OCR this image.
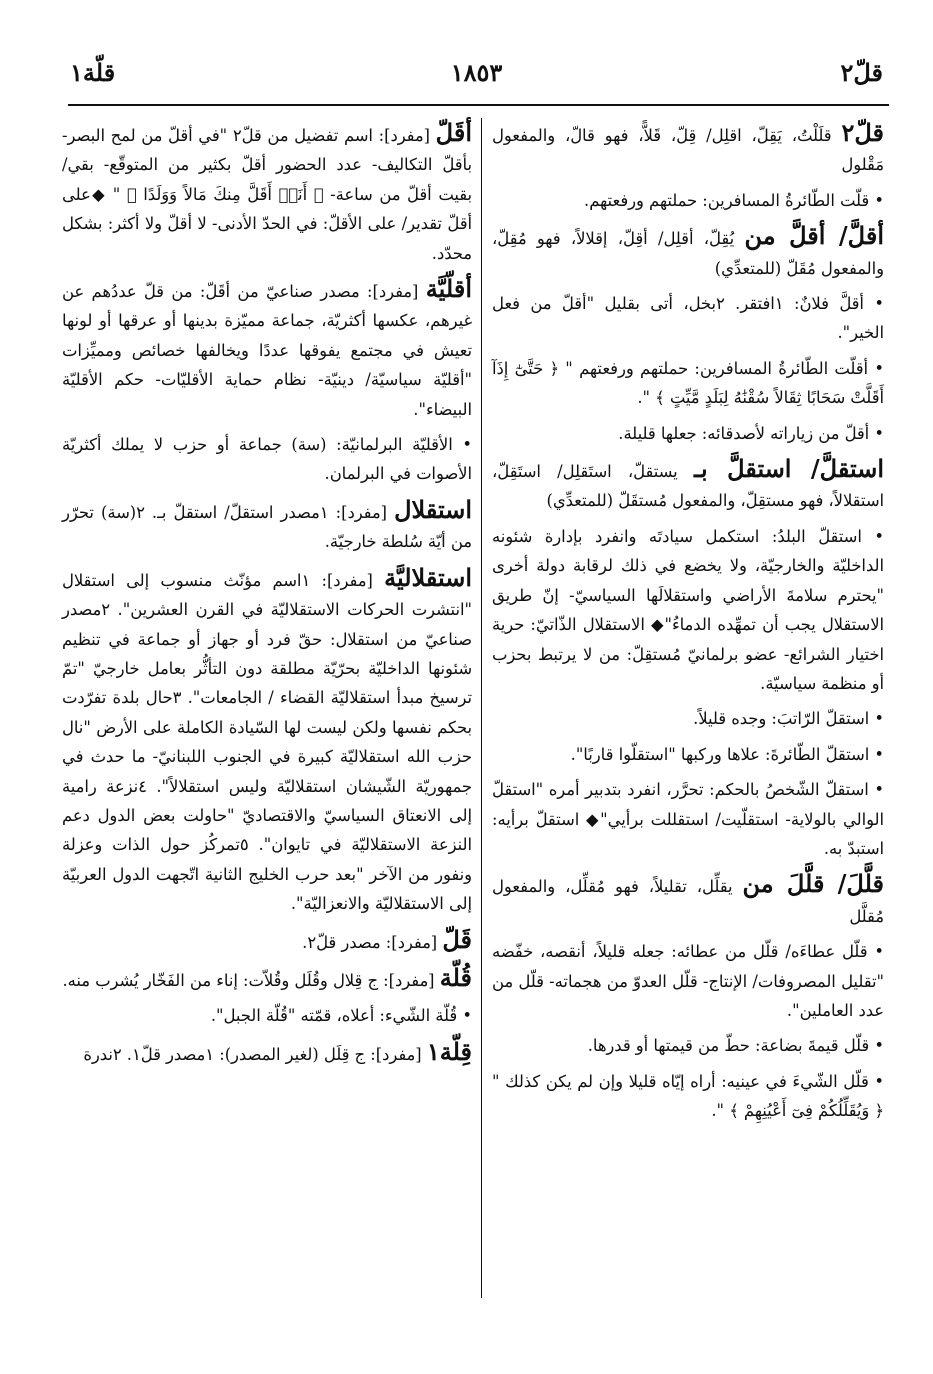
قلّ٢
١٨٥٣
قلّة١

قلّ٢ قلَلْتُ، يَقِلّ، اقلِل/ قِلّ، قَلاًّ، فهو قالّ، والمفعول مَقْلول

• قلّت الطّائرةُ المسافرين: حملتهم ورفعتهم.

أقلَّ/ أقلَّ من يُقِلّ، أقلِل/ أقِلّ، إقلالاً، فهو مُقِلّ، والمفعول مُقَلّ (للمتعدِّي)

• أقلَّ فلانٌ: ١افتقر. ٢بخل، أتى بقليل "أقلّ من فعل الخير".

• أقلّت الطّائرةُ المسافرين: حملتهم ورفعتهم " ﴿ حَتَّىٰٓ إِذَآ أَقَلَّتْ سَحَابًا ثِقَالاً سُقْنَٰهُ لِبَلَدٍ مَّيِّتٍ ﴾ ".

• أقلّ من زياراته لأصدقائه: جعلها قليلة.

استقلَّ/ استقلَّ بـ يستقلّ، استَقلِل/ استَقِلّ، استقلالاً، فهو مستقِلّ، والمفعول مُستقَلّ (للمتعدِّي)

• استقلّ البلدُ: استكمل سيادتَه وانفرد بإدارة شئونه الداخليّة والخارجيّة، ولا يخضع في ذلك لرقابة دولة أخرى "يحترم سلامةَ الأراضي واستقلالَها السياسيّ- إنّ طريق الاستقلال يجب أن تمهِّده الدماءُ"◆ الاستقلال الذّاتيّ: حرية اختيار الشرائع- عضو برلمانيّ مُستقِلّ: من لا يرتبط بحزب أو منظمة سياسيّة.

• استقلّ الرّاتبَ: وجده قليلاً.

• استقلّ الطّائرةَ: علاها وركبها "استقلّوا قاربًا".

• استقلّ الشّخصُ بالحكم: تحرَّر، انفرد بتدبير أمره "استقلّ الوالي بالولاية- استقلّيت/ استقللت برأيي"◆ استقلّ برأيه: استبدّ به.

قلَّلَ/ قلَّلَ من يقلِّل، تقليلاً، فهو مُقلِّل، والمفعول مُقلَّل

• قلّل عطاءَه/ قلّل من عطائه: جعله قليلاً، أنقصه، خفّضه "تقليل المصروفات/ الإنتاج- قلّل العدوّ من هجماته- قلّل من عدد العاملين".

• قلّل قيمةَ بضاعة: حطّ من قيمتها أو قدرها.

• قلّل الشّيءَ في عينيه: أراه إيّاه قليلا وإن لم يكن كذلك " ﴿ وَيُقَلِّلُكُمْ فِىٓ أَعْيُنِهِمْ ﴾ ".

أقَلّ [مفرد]: اسم تفضيل من قلّ٢ "في أقلّ من لمح البصر- بأقلّ التكاليف- عدد الحضور أقلّ بكثير من المتوقّع- بقي/ بقيت أقلّ من ساعة- ﴿ أَنَا۠ أَقَلَّ مِنكَ مَالاً وَوَلَدًا ﴾ " ◆على أقلّ تقدير/ على الأقلّ: في الحدّ الأدنى- لا أقلّ ولا أكثر: بشكل محدّد.

أقلّيَّة [مفرد]: مصدر صناعيّ من أقَلّ: من قلّ عددُهم عن غيرهم، عكسها أكثريّة، جماعة مميّزة بدينها أو عرقها أو لونها تعيش في مجتمع يفوقها عددًا ويخالفها خصائص ومميِّزات "أقليّة سياسيّة/ دينيّة- نظام حماية الأقليّات- حكم الأقليّة البيضاء".

• الأقليّة البرلمانيّة: (سة) جماعة أو حزب لا يملك أكثريّة الأصوات في البرلمان.

استقلال [مفرد]: ١مصدر استقلّ/ استقلّ بـ. ٢(سة) تحرّر من أيّة سُلطة خارجيّة.

استقلاليَّة [مفرد]: ١اسم مؤنّث منسوب إلى استقلال "انتشرت الحركات الاستقلاليّة في القرن العشرين". ٢مصدر صناعيّ من استقلال: حقّ فرد أو جهاز أو جماعة في تنظيم شئونها الداخليّة بحرّيّة مطلقة دون التأثُّر بعامل خارجيّ "تمّ ترسيخ مبدأ استقلاليّة القضاء / الجامعات". ٣حال بلدة تفرّدت بحكم نفسها ولكن ليست لها السّيادة الكاملة على الأرض "نال حزب الله استقلاليّة كبيرة في الجنوب اللبنانيّ- ما حدث في جمهوريّة الشّيشان استقلاليّة وليس استقلالاً". ٤نزعة رامية إلى الانعتاق السياسيّ والاقتصاديّ "حاولت بعض الدول دعم النزعة الاستقلاليّة في تايوان". ٥تمركُز حول الذات وعزلة ونفور من الآخر "بعد حرب الخليج الثانية اتّجهت الدول العربيّة إلى الاستقلاليّة والانعزاليّة".

قَلّ [مفرد]: مصدر قلّ٢.

قُلّة [مفرد]: ج قِلال وقُلَل وقُلاّت: إناء من الفَخّار يُشرب منه.

• قُلّة الشّيء: أعلاه، قمّته "قُلّة الجبل".

قِلّة١ [مفرد]: ج قِلَل (لغير المصدر): ١مصدر قلّ١. ٢ندرة
